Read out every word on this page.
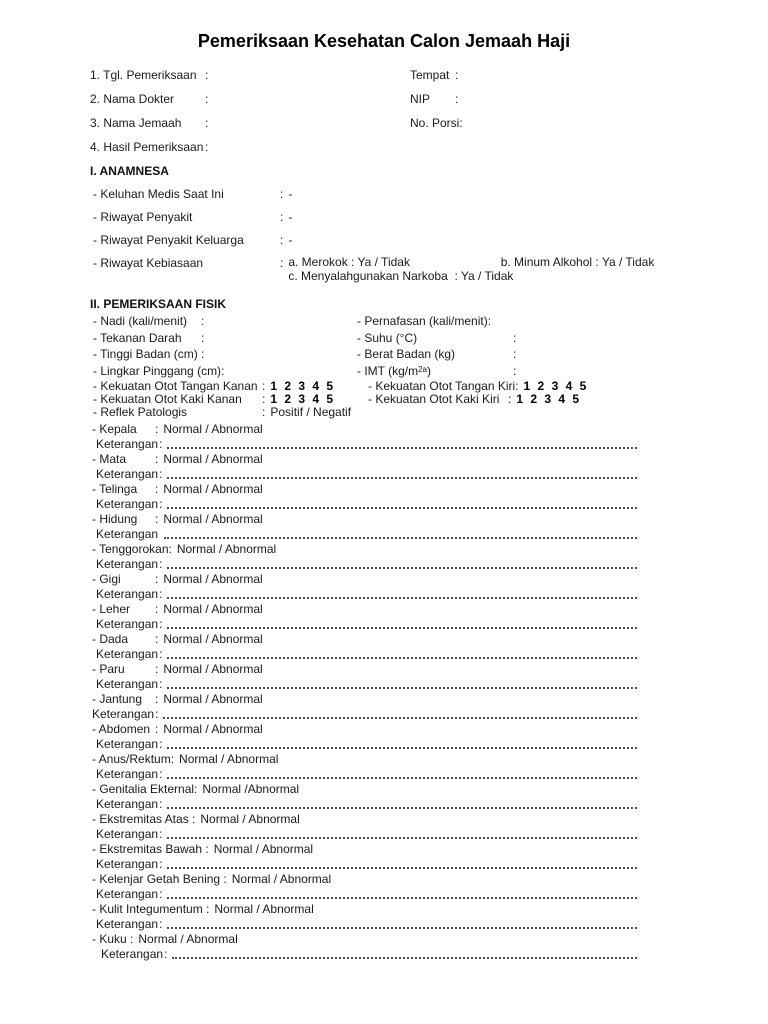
Pemeriksaan Kesehatan Calon Jemaah Haji
1. Tgl. Pemeriksaan :	Tempat :
2. Nama Dokter	:	NIP	:
3. Nama Jemaah	:	No. Porsi :
4. Hasil Pemeriksaan :
I. ANAMNESA
- Keluhan Medis Saat Ini	: -
- Riwayat Penyakit	: -
- Riwayat Penyakit Keluarga	: -
- Riwayat Kebiasaan	: a. Merokok : Ya / Tidak	b. Minum Alkohol : Ya / Tidak
c. Menyalahgunakan Narkoba  : Ya / Tidak
II. PEMERIKSAAN FISIK
- Nadi (kali/menit)	:	- Pernafasan (kali/menit) :
- Tekanan Darah	:	- Suhu (°C)	:
- Tinggi Badan (cm) :	- Berat Badan (kg)	:
- Lingkar Pinggang (cm) :	- IMT $(kg/m^{2a})$	:
- Kekuatan Otot Tangan Kanan : 1 2 3 4 5	- Kekuatan Otot Tangan Kiri : 1 2 3 4 5
- Kekuatan Otot Kaki Kanan	: 1 2 3 4 5	- Kekuatan Otot Kaki Kiri : 1 2 3 4 5
- Reflek Patologis	: Positif / Negatif
- Kepala : Normal / Abnormal
Keterangan :
- Mata : Normal / Abnormal
Keterangan :
- Telinga : Normal / Abnormal
Keterangan :
- Hidung : Normal / Abnormal
Keterangan
- Tenggorokan: Normal / Abnormal
Keterangan :
- Gigi	: Normal / Abnormal
Keterangan :
- Leher : Normal / Abnormal
Keterangan :
- Dada : Normal / Abnormal
Keterangan :
- Paru	: Normal / Abnormal
Keterangan :
- Jantung : Normal / Abnormal
Keterangan :
- Abdomen : Normal / Abnormal
Keterangan :
- Anus/Rektum: Normal / Abnormal
Keterangan :
- Genitalia Ekternal: Normal /Abnormal
Keterangan :
- Ekstremitas Atas : Normal / Abnormal
Keterangan :
- Ekstremitas Bawah : Normal / Abnormal
Keterangan :
- Kelenjar Getah Bening : Normal / Abnormal
Keterangan :
- Kulit Integumentum : Normal / Abnormal
Keterangan :
- Kuku : Normal / Abnormal
Keterangan :
